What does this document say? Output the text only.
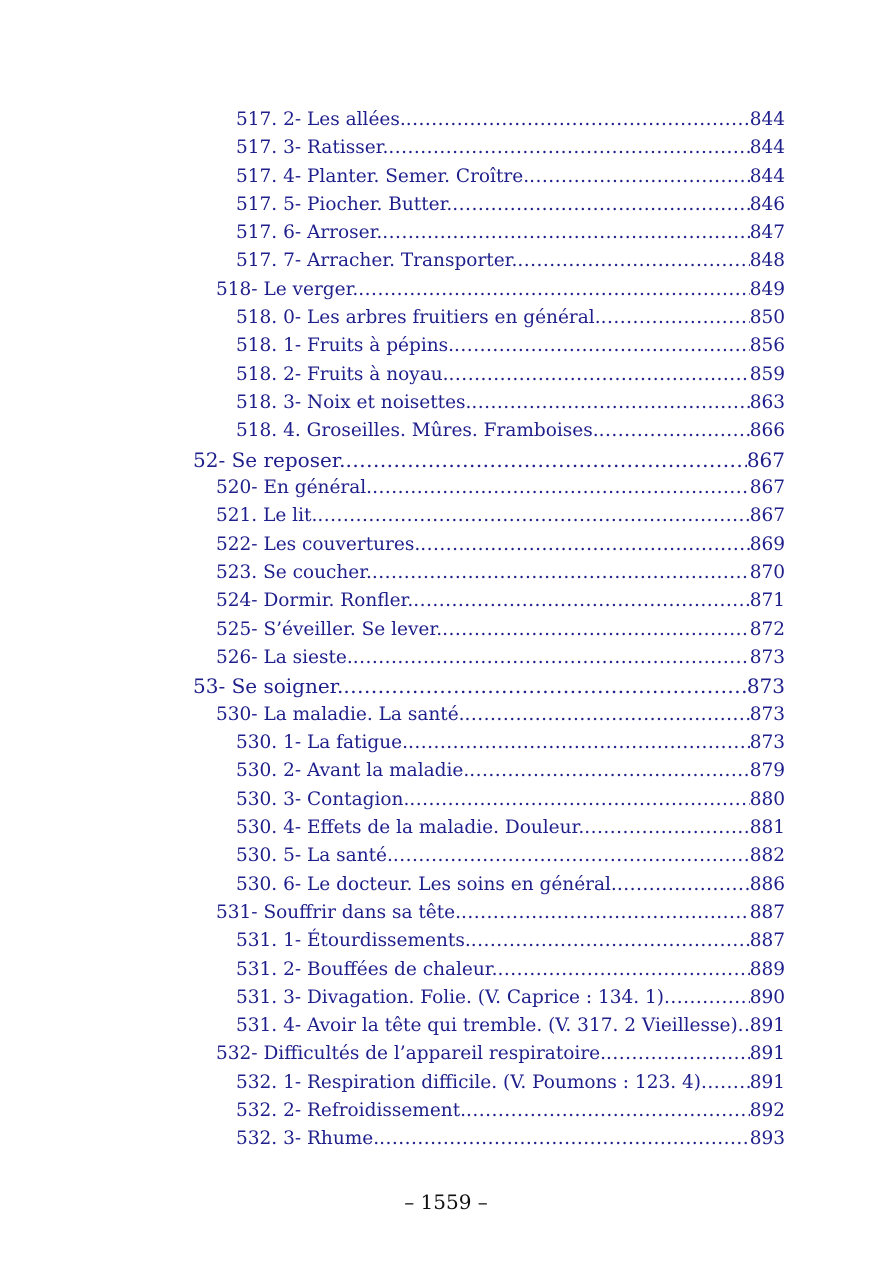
517. 2- Les allées. .....	844
517. 3- Ratisser. .....	844
517. 4- Planter. Semer. Croître. .....	844
517. 5- Piocher. Butter. .....	846
517. 6- Arroser. .....	847
517. 7- Arracher. Transporter. .....	848
518- Le verger. .....	849
518. 0- Les arbres fruitiers en général. .....	850
518. 1- Fruits à pépins. .....	856
518. 2- Fruits à noyau. .....	859
518. 3- Noix et noisettes. .....	863
518. 4. Groseilles. Mûres. Framboises. .....	866
52- Se reposer. .....	867
520- En général. .....	867
521. Le lit. .....	867
522- Les couvertures. .....	869
523. Se coucher. .....	870
524- Dormir. Ronfler. .....	871
525- S’éveiller. Se lever. .....	872
526- La sieste. .....	873
53- Se soigner. .....	873
530- La maladie. La santé. .....	873
530. 1- La fatigue. .....	873
530. 2- Avant la maladie. .....	879
530. 3- Contagion. .....	880
530. 4- Effets de la maladie. Douleur. .....	881
530. 5- La santé. .....	882
530. 6- Le docteur. Les soins en général. .....	886
531- Souffrir dans sa tête. .....	887
531. 1- Étourdissements. .....	887
531. 2- Bouffées de chaleur. .....	889
531. 3- Divagation. Folie. (V. Caprice : 134. 1) .....	890
531. 4- Avoir la tête qui tremble. (V. 317. 2 Vieillesse) ..... 891
532- Difficultés de l’appareil respiratoire. .....	891
532. 1- Respiration difficile. (V. Poumons : 123. 4) .....	891
532. 2- Refroidissement. .....	892
532. 3- Rhume. .....	893
– 1559 –
